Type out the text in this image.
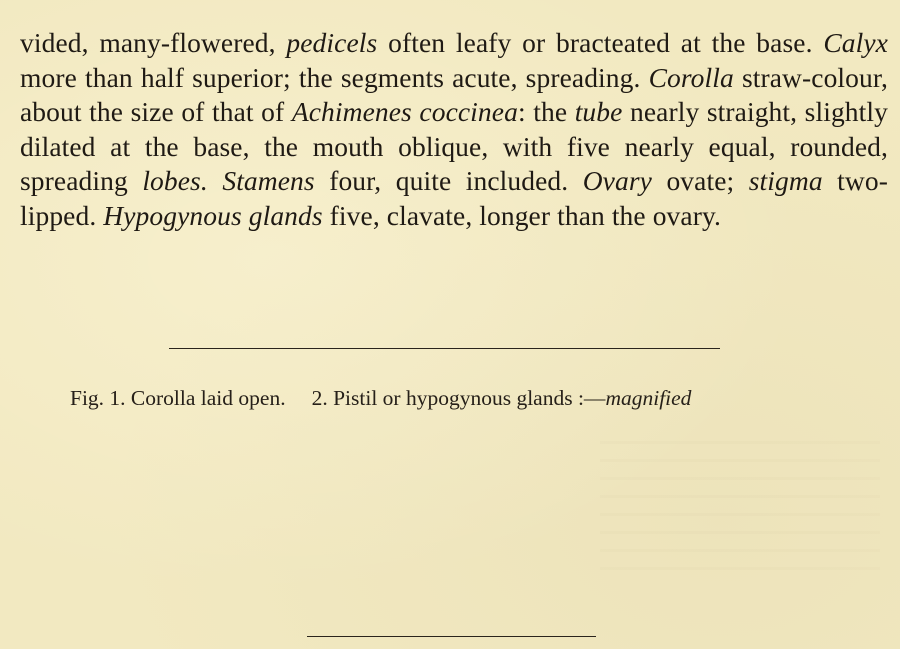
vided, many-flowered, pedicels often leafy or bracteated at the base. Calyx more than half superior; the segments acute, spreading. Corolla straw-colour, about the size of that of Achimenes coccinea: the tube nearly straight, slightly dilated at the base, the mouth oblique, with five nearly equal, rounded, spreading lobes. Stamens four, quite included. Ovary ovate; stigma two-lipped. Hypogynous glands five, clavate, longer than the ovary.

Fig. 1. Corolla laid open. 2. Pistil or hypogynous glands :—magnified
